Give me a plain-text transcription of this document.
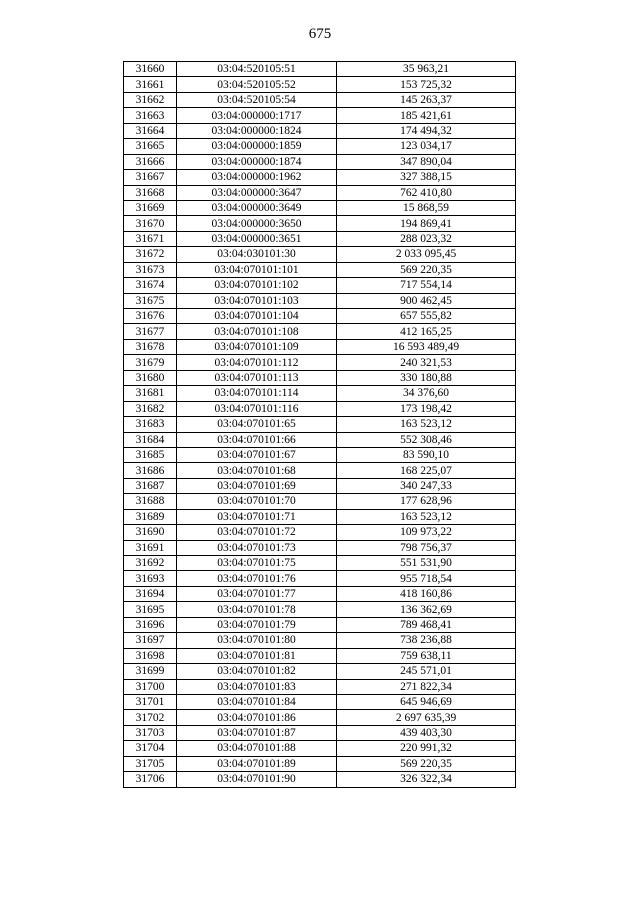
675
31660	03:04:520105:51	35 963,21
31661	03:04:520105:52	153 725,32
31662	03:04:520105:54	145 263,37
31663	03:04:000000:1717	185 421,61
31664	03:04:000000:1824	174 494,32
31665	03:04:000000:1859	123 034,17
31666	03:04:000000:1874	347 890,04
31667	03:04:000000:1962	327 388,15
31668	03:04:000000:3647	762 410,80
31669	03:04:000000:3649	15 868,59
31670	03:04:000000:3650	194 869,41
31671	03:04:000000:3651	288 023,32
31672	03:04:030101:30	2 033 095,45
31673	03:04:070101:101	569 220,35
31674	03:04:070101:102	717 554,14
31675	03:04:070101:103	900 462,45
31676	03:04:070101:104	657 555,82
31677	03:04:070101:108	412 165,25
31678	03:04:070101:109	16 593 489,49
31679	03:04:070101:112	240 321,53
31680	03:04:070101:113	330 180,88
31681	03:04:070101:114	34 376,60
31682	03:04:070101:116	173 198,42
31683	03:04:070101:65	163 523,12
31684	03:04:070101:66	552 308,46
31685	03:04:070101:67	83 590,10
31686	03:04:070101:68	168 225,07
31687	03:04:070101:69	340 247,33
31688	03:04:070101:70	177 628,96
31689	03:04:070101:71	163 523,12
31690	03:04:070101:72	109 973,22
31691	03:04:070101:73	798 756,37
31692	03:04:070101:75	551 531,90
31693	03:04:070101:76	955 718,54
31694	03:04:070101:77	418 160,86
31695	03:04:070101:78	136 362,69
31696	03:04:070101:79	789 468,41
31697	03:04:070101:80	738 236,88
31698	03:04:070101:81	759 638,11
31699	03:04:070101:82	245 571,01
31700	03:04:070101:83	271 822,34
31701	03:04:070101:84	645 946,69
31702	03:04:070101:86	2 697 635,39
31703	03:04:070101:87	439 403,30
31704	03:04:070101:88	220 991,32
31705	03:04:070101:89	569 220,35
31706	03:04:070101:90	326 322,34
